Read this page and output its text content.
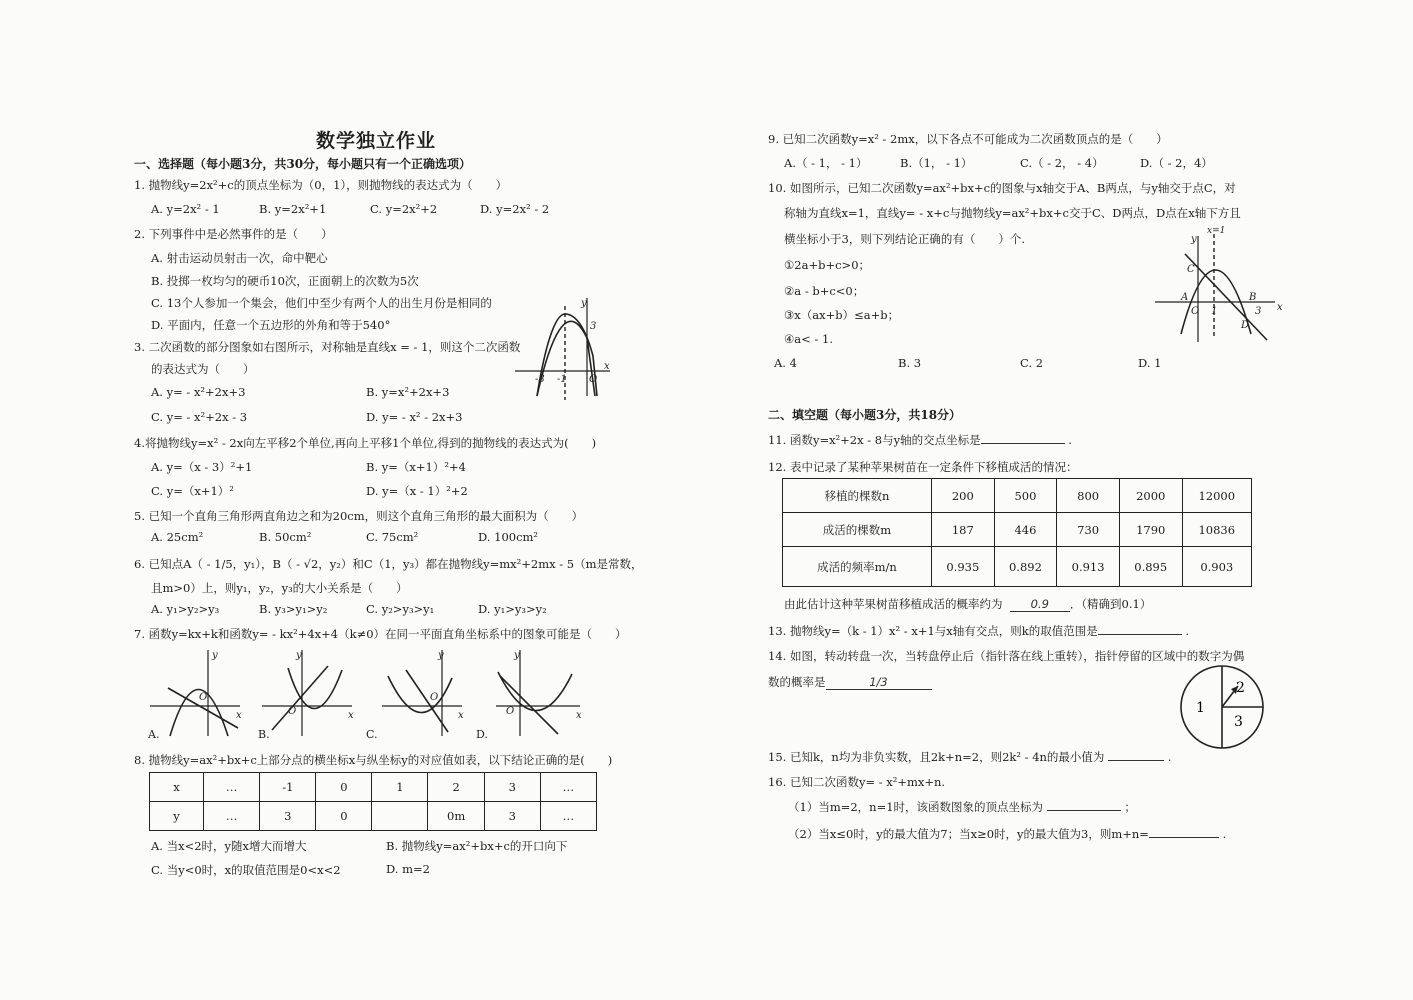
数学独立作业
一、选择题（每小题3分，共30分，每小题只有一个正确选项）
1. 抛物线y=2x²+c的顶点坐标为（0，1），则抛物线的表达式为（　　）
A. y=2x² - 1	B. y=2x²+1	C. y=2x²+2	D. y=2x² - 2
2. 下列事件中是必然事件的是（　　）
A. 射击运动员射击一次，命中靶心
B. 投掷一枚均匀的硬币10次，正面朝上的次数为5次
C. 13个人参加一个集会，他们中至少有两个人的出生月份是相同的
D. 平面内，任意一个五边形的外角和等于540°
y
x
-3 -1 O
3
3. 二次函数的部分图象如右图所示，对称轴是直线x = - 1，则这个二次函数
的表达式为（　　）
A. y= - x²+2x+3	B. y=x²+2x+3
C. y= - x²+2x - 3	D. y= - x² - 2x+3
4.将抛物线y=x² - 2x向左平移2个单位,再向上平移1个单位,得到的抛物线的表达式为(　　)
A. y=（x - 3）²+1	B. y=（x+1）²+4
C. y=（x+1）²	D. y=（x - 1）²+2
5. 已知一个直角三角形两直角边之和为20cm，则这个直角三角形的最大面积为（　　）
A. 25cm²	B. 50cm²	C. 75cm²	D. 100cm²
6. 已知点A（ - 1/5，y₁），B（ - √2，y₂）和C（1，y₃）都在抛物线y=mx²+2mx - 5（m是常数，
且m>0）上，则y₁，y₂，y₃的大小关系是（　　）
A. y₁>y₂>y₃	B. y₃>y₁>y₂	C. y₂>y₃>y₁	D. y₁>y₃>y₂
7. 函数y=kx+k和函数y= - kx²+4x+4（k≠0）在同一平面直角坐标系中的图象可能是（　　）
y
x
O
A.
y
x
O
B.
y
x
O
C.
y
x
O
D.
8. 抛物线y=ax²+bx+c上部分点的横坐标x与纵坐标y的对应值如表，以下结论正确的是(　　)
x	…	-1	0	1	2	3	…
y	…	3	0		0m	3	…
A. 当x<2时，y随x增大而增大	B. 抛物线y=ax²+bx+c的开口向下
C. 当y<0时，x的取值范围是0<x<2	D. m=2
9. 已知二次函数y=x² - 2mx，以下各点不可能成为二次函数顶点的是（　　）
A.（ - 1， - 1）	B.（1， - 1）	C.（ - 2， - 4）	D.（ - 2，4）
10. 如图所示，已知二次函数y=ax²+bx+c的图象与x轴交于A、B两点，与y轴交于点C，对
称轴为直线x=1，直线y= - x+c与抛物线y=ax²+bx+c交于C、D两点，D点在x轴下方且
横坐标小于3，则下列结论正确的有（　　）个.
①2a+b+c>0；
②a - b+c<0；
③x（ax+b）≤a+b；
④a< - 1.
A. 4	B. 3	C. 2	D. 1
x=1
y
x
A	B
C
D
O 1	3
二、填空题（每小题3分，共18分）
11. 函数y=x²+2x - 8与y轴的交点坐标是	.
12. 表中记录了某种苹果树苗在一定条件下移植成活的情况：
移植的棵数n	200	500	800	2000	12000
成活的棵数m	187	446	730	1790	10836
成活的频率m/n	0.935	0.892	0.913	0.895	0.903
由此估计这种苹果树苗移植成活的概率约为 0.9 ．（精确到0.1）
13. 抛物线y=（k - 1）x² - x+1与x轴有交点，则k的取值范围是	.
14. 如图，转动转盘一次，当转盘停止后（指针落在线上重转），指针停留的区域中的数字为偶
数的概率是	1/3
1
2
3
15. 已知k，n均为非负实数，且2k+n=2，则2k² - 4n的最小值为	.
16. 已知二次函数y= - x²+mx+n.
（1）当m=2，n=1时，该函数图象的顶点坐标为	；
（2）当x≤0时，y的最大值为7；当x≥0时，y的最大值为3，则m+n=	.
